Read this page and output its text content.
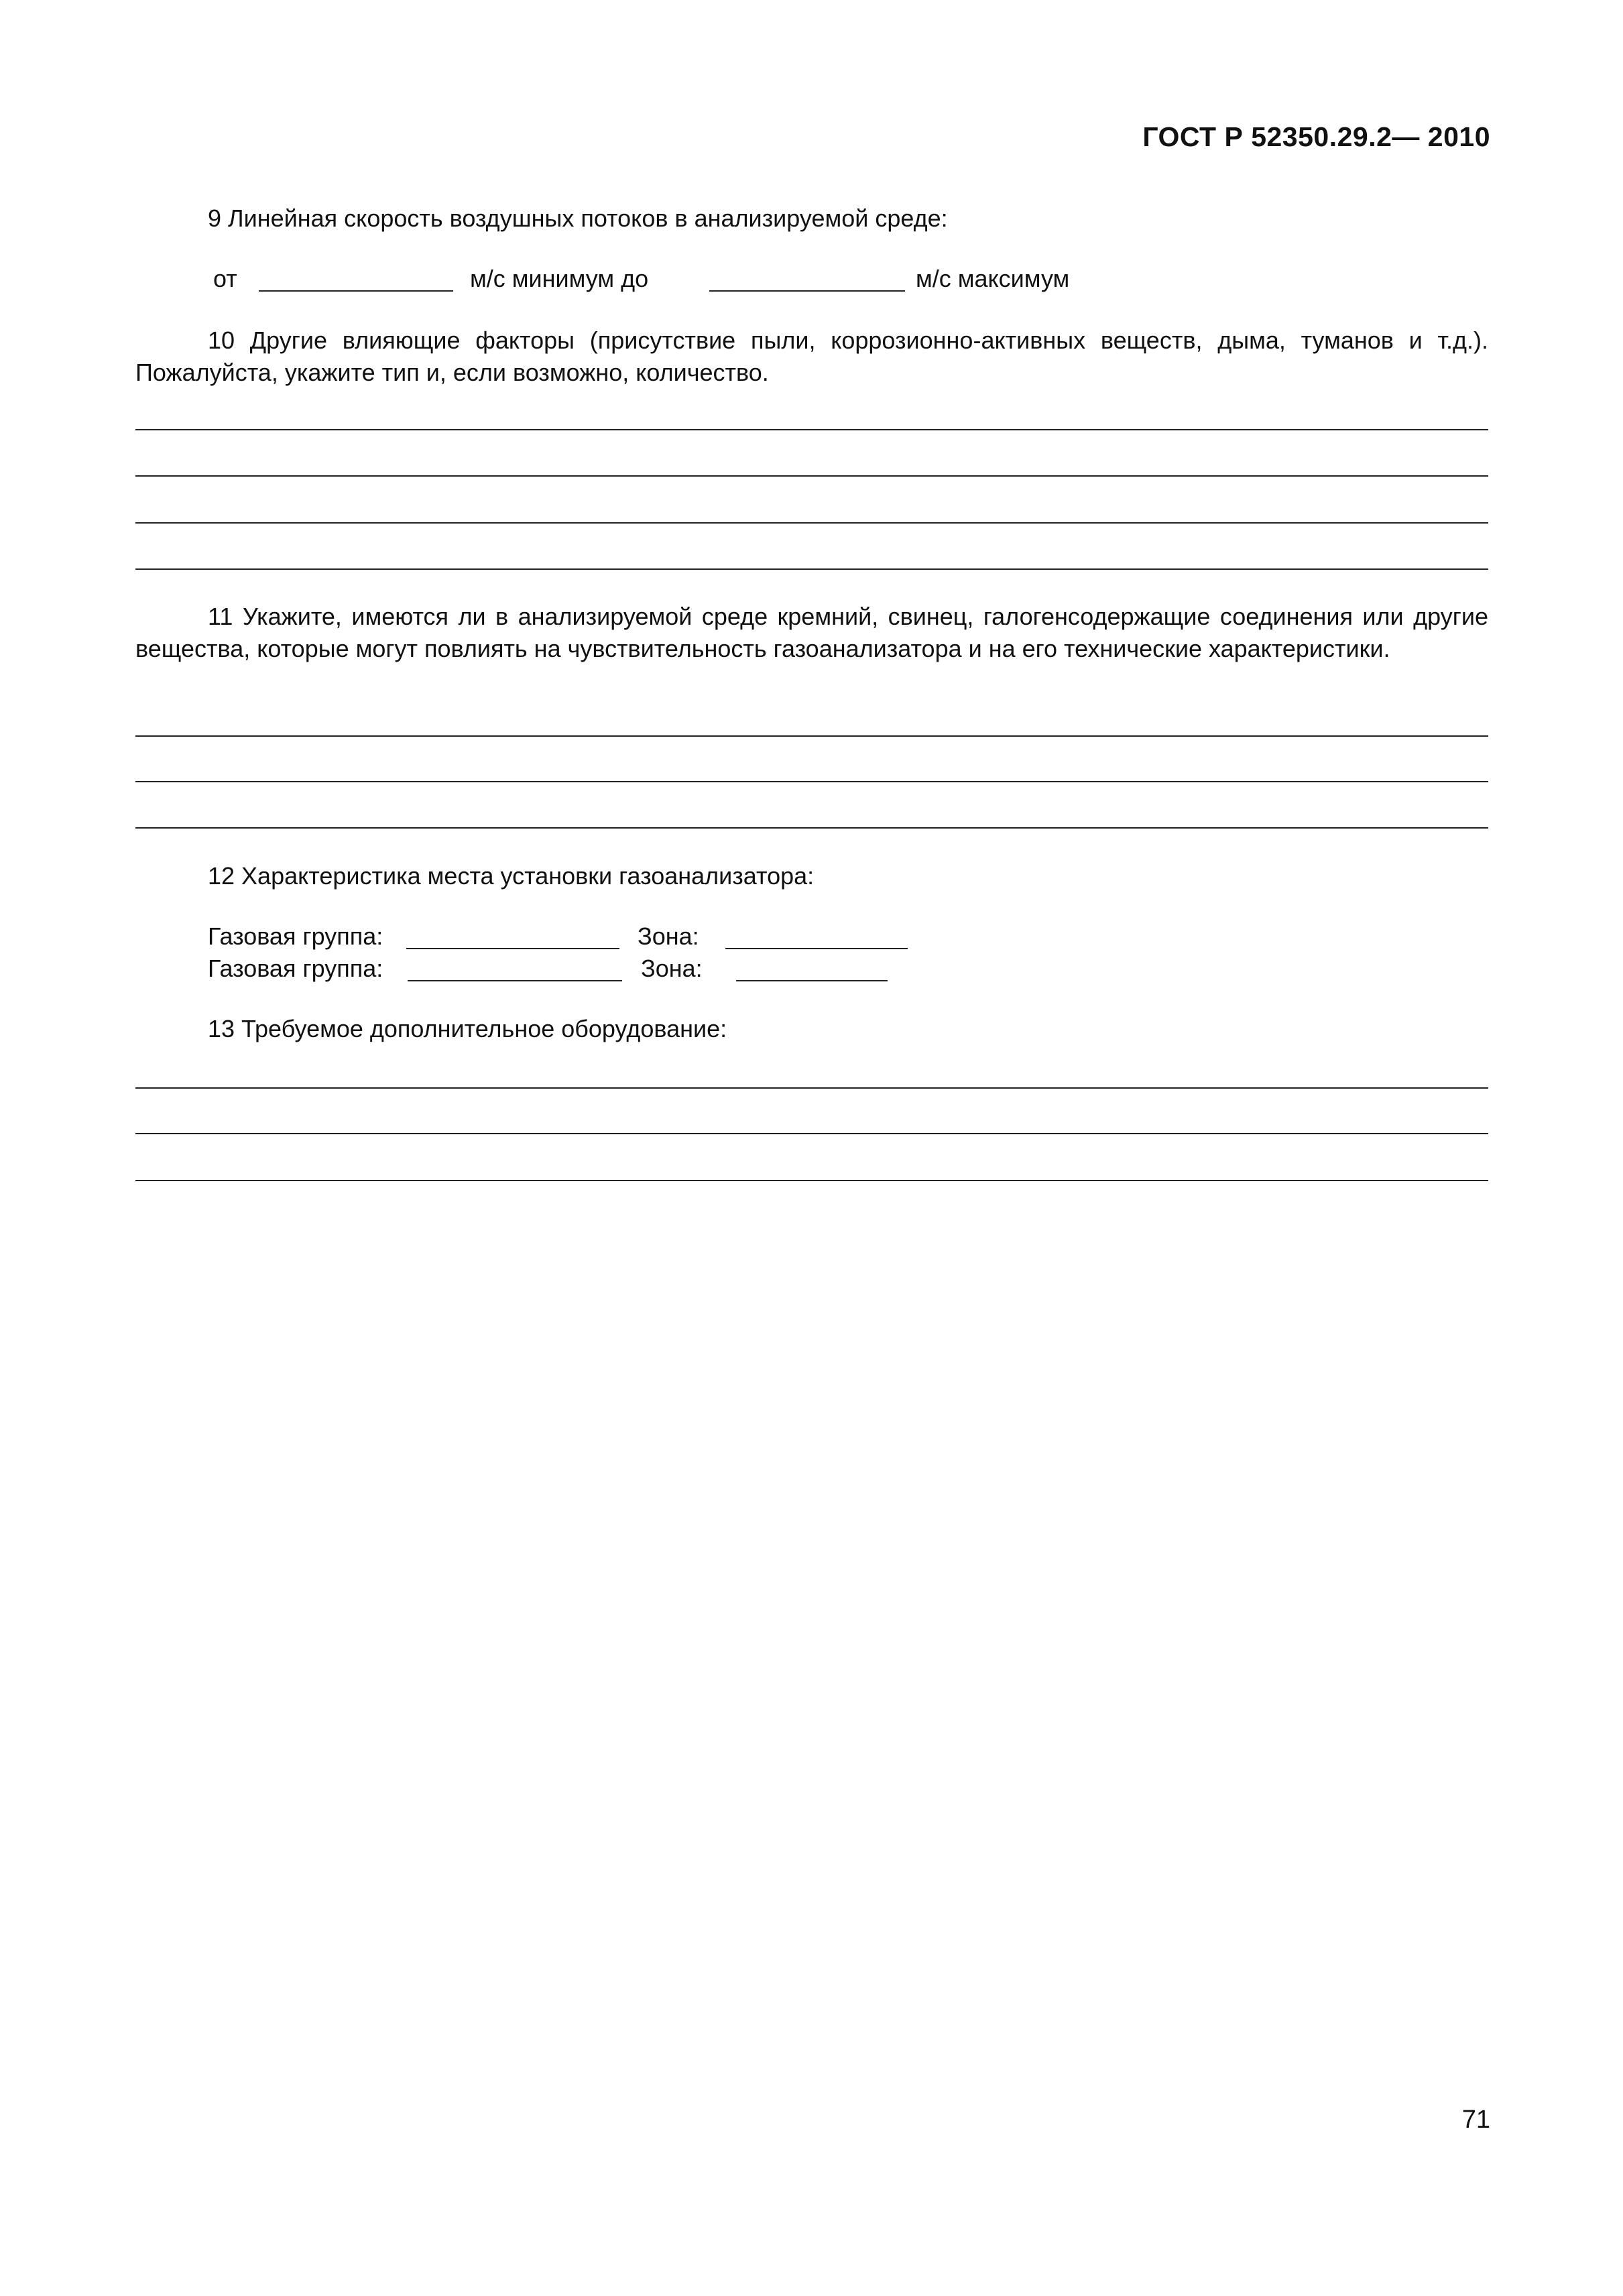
ГОСТ Р 52350.29.2— 2010
9 Линейная скорость воздушных потоков в анализируемой среде:
от	м/с минимум до	м/с максимум
10 Другие влияющие факторы (присутствие пыли, коррозионно-активных веществ, дыма, туманов и т.д.). Пожалуйста, укажите тип и, если возможно, количество.
11 Укажите, имеются ли в анализируемой среде кремний, свинец, галогенсодержащие соединения или другие вещества, которые могут повлиять на чувствительность газоанализатора и на его технические характеристики.
12 Характеристика места установки газоанализатора:
Газовая группа:	Зона:
Газовая группа:	Зона:
13 Требуемое дополнительное оборудование:
71
